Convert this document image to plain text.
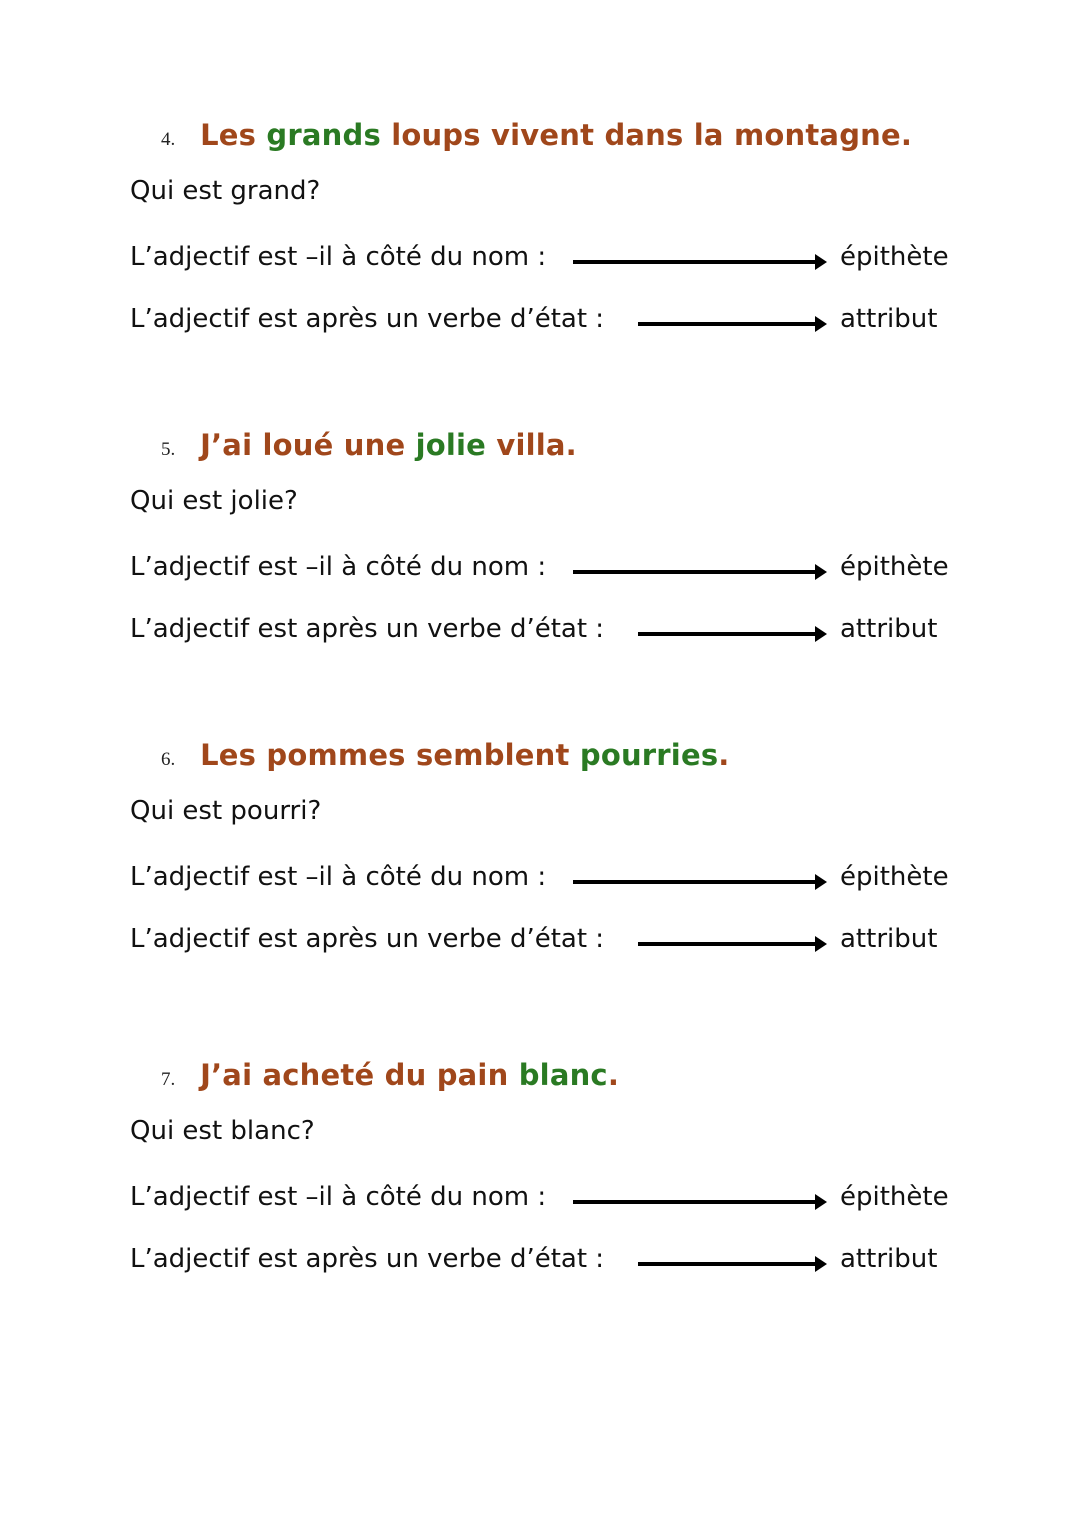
4. Les grands loups vivent dans la montagne.
Qui est grand?
L’adjectif est –il à côté du nom :	épithète
L’adjectif est après un verbe d’état :	attribut
5. J’ai loué une jolie villa.
Qui est jolie?
L’adjectif est –il à côté du nom :	épithète
L’adjectif est après un verbe d’état :	attribut
6. Les pommes semblent pourries.
Qui est pourri?
L’adjectif est –il à côté du nom :	épithète
L’adjectif est après un verbe d’état :	attribut
7. J’ai acheté du pain blanc.
Qui est blanc?
L’adjectif est –il à côté du nom :	épithète
L’adjectif est après un verbe d’état :	attribut
